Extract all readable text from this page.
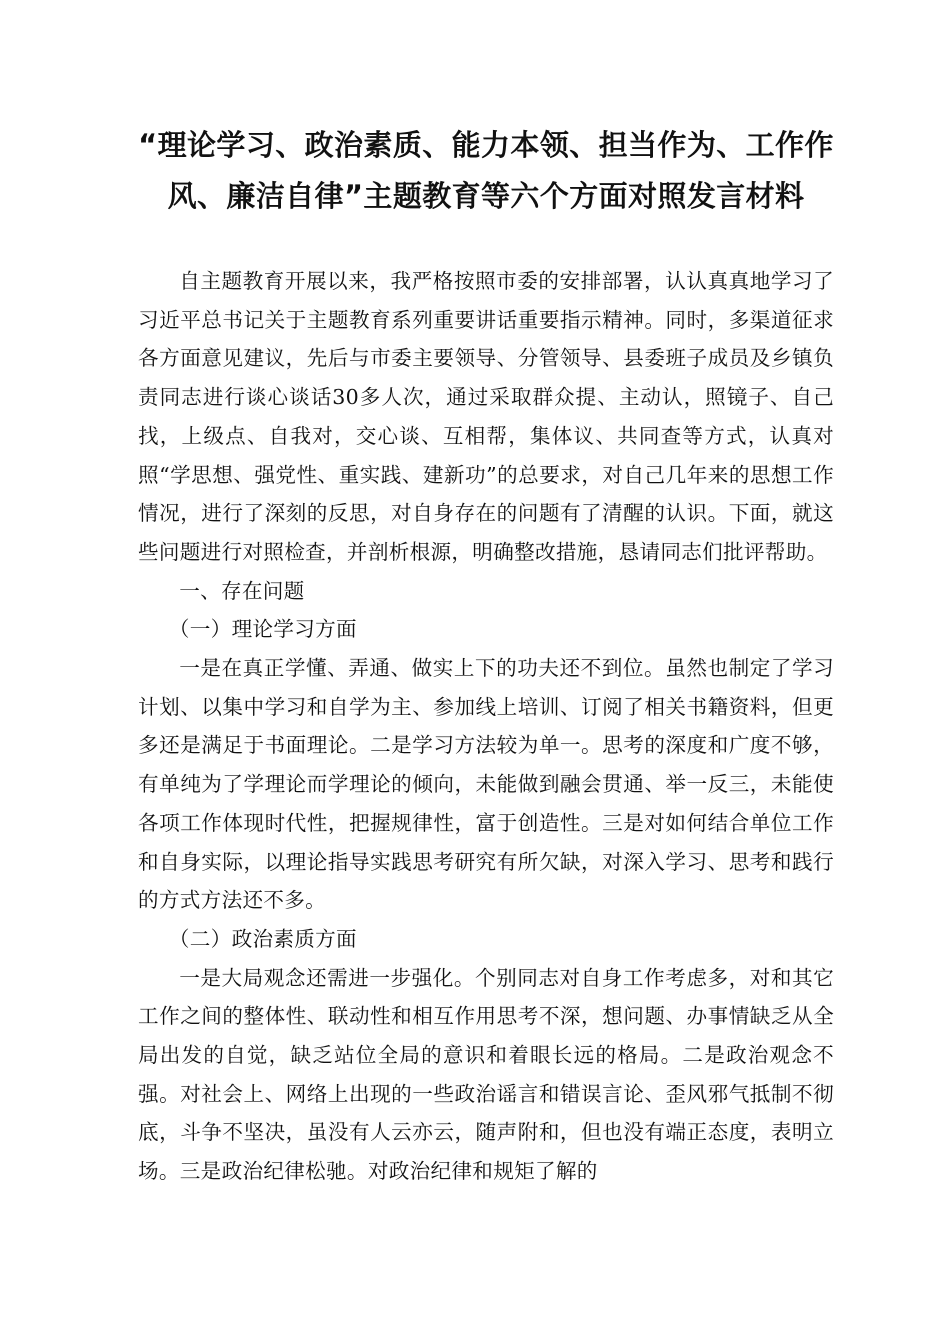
“理论学习、政治素质、能力本领、担当作为、工作作
风、廉洁自律”主题教育等六个方面对照发言材料

自主题教育开展以来，我严格按照市委的安排部署，认认真真地学习了习近平总书记关于主题教育系列重要讲话重要指示精神。同时，多渠道征求各方面意见建议，先后与市委主要领导、分管领导、县委班子成员及乡镇负责同志进行谈心谈话30多人次，通过采取群众提、主动认，照镜子、自己找，上级点、自我对，交心谈、互相帮，集体议、共同查等方式，认真对照“学思想、强党性、重实践、建新功”的总要求，对自己几年来的思想工作情况，进行了深刻的反思，对自身存在的问题有了清醒的认识。下面，就这些问题进行对照检查，并剖析根源，明确整改措施，恳请同志们批评帮助。

一、存在问题

（一）理论学习方面

一是在真正学懂、弄通、做实上下的功夫还不到位。虽然也制定了学习计划、以集中学习和自学为主、参加线上培训、订阅了相关书籍资料，但更多还是满足于书面理论。二是学习方法较为单一。思考的深度和广度不够，有单纯为了学理论而学理论的倾向，未能做到融会贯通、举一反三，未能使各项工作体现时代性，把握规律性，富于创造性。三是对如何结合单位工作和自身实际，以理论指导实践思考研究有所欠缺，对深入学习、思考和践行的方式方法还不多。

（二）政治素质方面

一是大局观念还需进一步强化。个别同志对自身工作考虑多，对和其它工作之间的整体性、联动性和相互作用思考不深，想问题、办事情缺乏从全局出发的自觉，缺乏站位全局的意识和着眼长远的格局。二是政治观念不强。对社会上、网络上出现的一些政治谣言和错误言论、歪风邪气抵制不彻底，斗争不坚决，虽没有人云亦云，随声附和，但也没有端正态度，表明立场。三是政治纪律松驰。对政治纪律和规矩了解的
